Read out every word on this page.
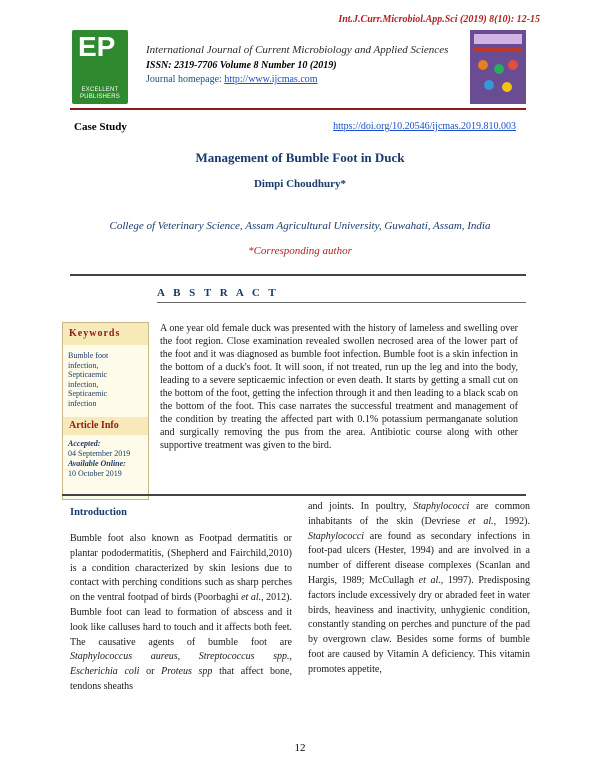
Int.J.Curr.Microbiol.App.Sci (2019) 8(10): 12-15
EP
EXCELLENT PUBLISHERS
International Journal of Current Microbiology and Applied Sciences
ISSN: 2319-7706 Volume 8 Number 10 (2019)
Journal homepage: http://www.ijcmas.com
Case Study	https://doi.org/10.20546/ijcmas.2019.810.003
Management of Bumble Foot in Duck
Dimpi Choudhury*
College of Veterinary Science, Assam Agricultural University, Guwahati, Assam, India
*Corresponding author
A B S T R A C T
Keywords
Bumble foot
infection,
Septicaemic
infection,
Septicaemic
infection
Article Info
Accepted:
04 September 2019
Available Online:
10 October 2019
A one year old female duck was presented with the history of lameless and swelling over the foot region. Close examination revealed swollen necrosed area of the lower part of the foot and it was diagnosed as bumble foot infection. Bumble foot is a skin infection in the bottom of a duck's foot. It will soon, if not treated, run up the leg and into the body, leading to a severe septicaemic infection or even death. It starts by getting a small cut on the bottom of the foot, getting the infection through it and then leading to a black scab on the bottom of the foot. This case narrates the successful treatment and management of the condition by treating the affected part with 0.1% potassium permanganate solution and surgically removing the pus from the area. Antibiotic course along with other supportive treatment was given to the bird.
Introduction
Bumble foot also known as Footpad dermatitis or plantar pododermatitis, (Shepherd and Fairchild,2010) is a condition characterized by skin lesions due to contact with perching conditions such as sharp perches on the ventral footpad of birds (Poorbaghi et al., 2012). Bumble foot can lead to formation of abscess and it look like calluses hard to touch and it affects both feet. The causative agents of bumble foot are Staphylococcus aureus, Streptococcus spp., Escherichia coli or Proteus spp that affect bone, tendons sheaths
and joints. In poultry, Staphylococci are common inhabitants of the skin (Devriese et al., 1992). Staphylococci are found as secondary infections in foot-pad ulcers (Hester, 1994) and are involved in a number of different disease complexes (Scanlan and Hargis, 1989; McCullagh et al., 1997). Predisposing factors include excessively dry or abraded feet in water birds, heaviness and inactivity, unhygienic condition, constantly standing on perches and puncture of the pad by overgrown claw. Besides some forms of bumble foot are caused by Vitamin A deficiency. This vitamin promotes appetite,
12
